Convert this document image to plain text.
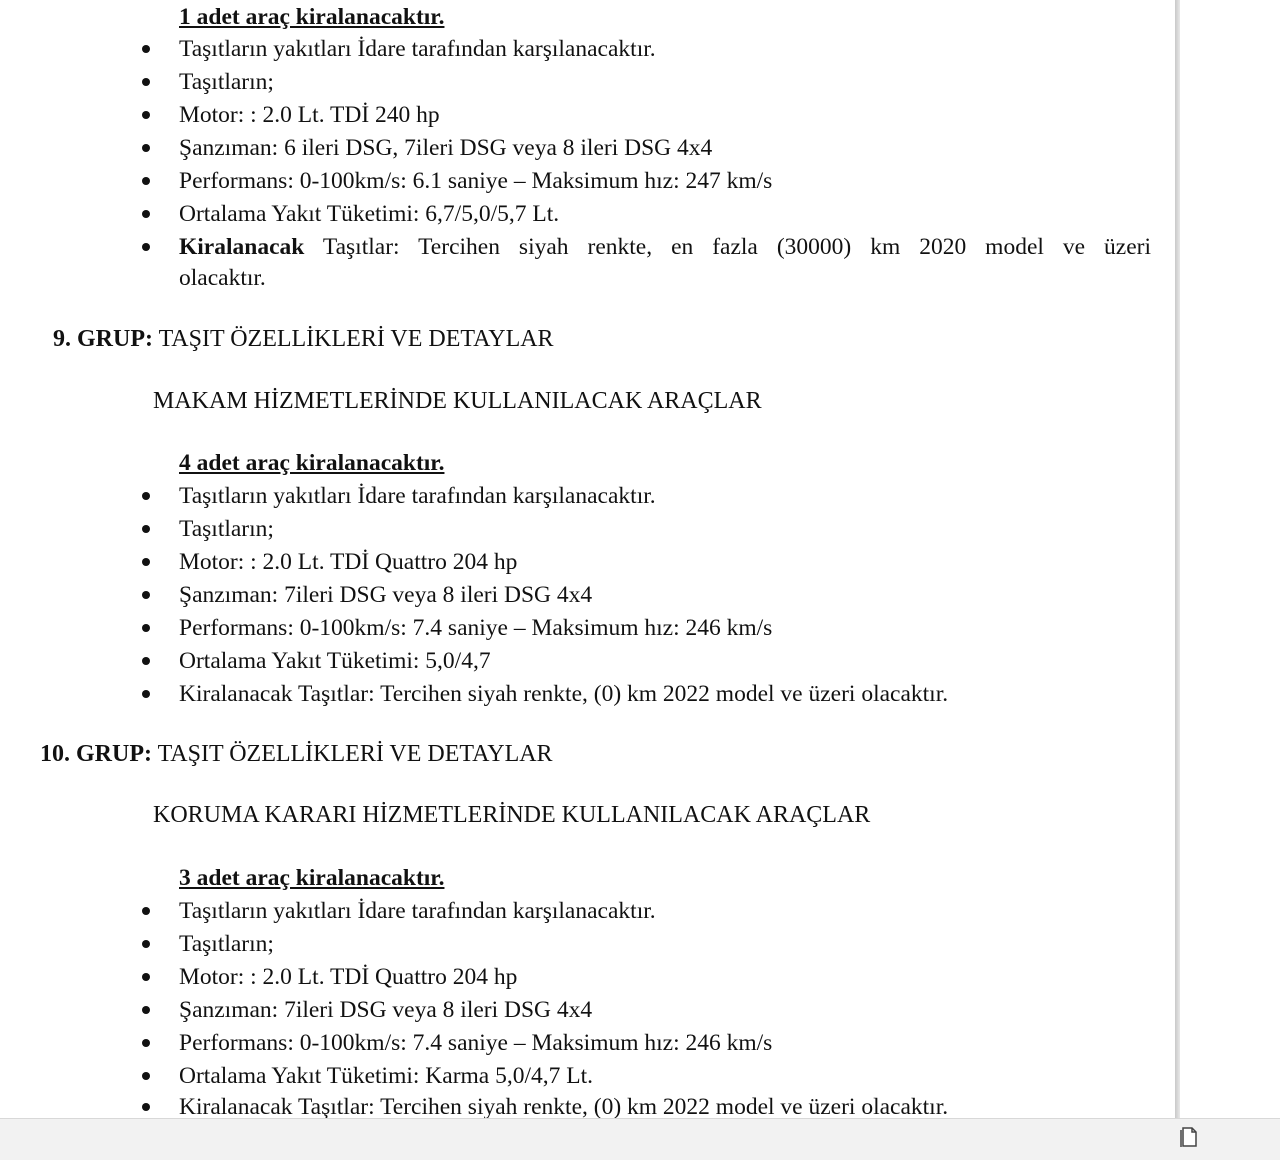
1 adet araç kiralanacaktır.
Taşıtların yakıtları İdare tarafından karşılanacaktır.
Taşıtların;
Motor: : 2.0 Lt. TDİ 240 hp
Şanzıman: 6 ileri DSG, 7ileri DSG veya 8 ileri DSG 4x4
Performans: 0-100km/s: 6.1 saniye – Maksimum hız: 247 km/s
Ortalama Yakıt Tüketimi: 6,7/5,0/5,7 Lt.
Kiralanacak Taşıtlar: Tercihen siyah renkte, en fazla (30000) km 2020 model ve üzeri
olacaktır.
9. GRUP: TAŞIT ÖZELLİKLERİ VE DETAYLAR
MAKAM HİZMETLERİNDE KULLANILACAK ARAÇLAR
4 adet araç kiralanacaktır.
Taşıtların yakıtları İdare tarafından karşılanacaktır.
Taşıtların;
Motor: : 2.0 Lt. TDİ Quattro 204 hp
Şanzıman: 7ileri DSG veya 8 ileri DSG 4x4
Performans: 0-100km/s: 7.4 saniye – Maksimum hız: 246 km/s
Ortalama Yakıt Tüketimi: 5,0/4,7
Kiralanacak Taşıtlar: Tercihen siyah renkte, (0) km 2022 model ve üzeri olacaktır.
10. GRUP: TAŞIT ÖZELLİKLERİ VE DETAYLAR
KORUMA KARARI HİZMETLERİNDE KULLANILACAK ARAÇLAR
3 adet araç kiralanacaktır.
Taşıtların yakıtları İdare tarafından karşılanacaktır.
Taşıtların;
Motor: : 2.0 Lt. TDİ Quattro 204 hp
Şanzıman: 7ileri DSG veya 8 ileri DSG 4x4
Performans: 0-100km/s: 7.4 saniye – Maksimum hız: 246 km/s
Ortalama Yakıt Tüketimi: Karma 5,0/4,7 Lt.
Kiralanacak Taşıtlar: Tercihen siyah renkte, (0) km 2022 model ve üzeri olacaktır.
